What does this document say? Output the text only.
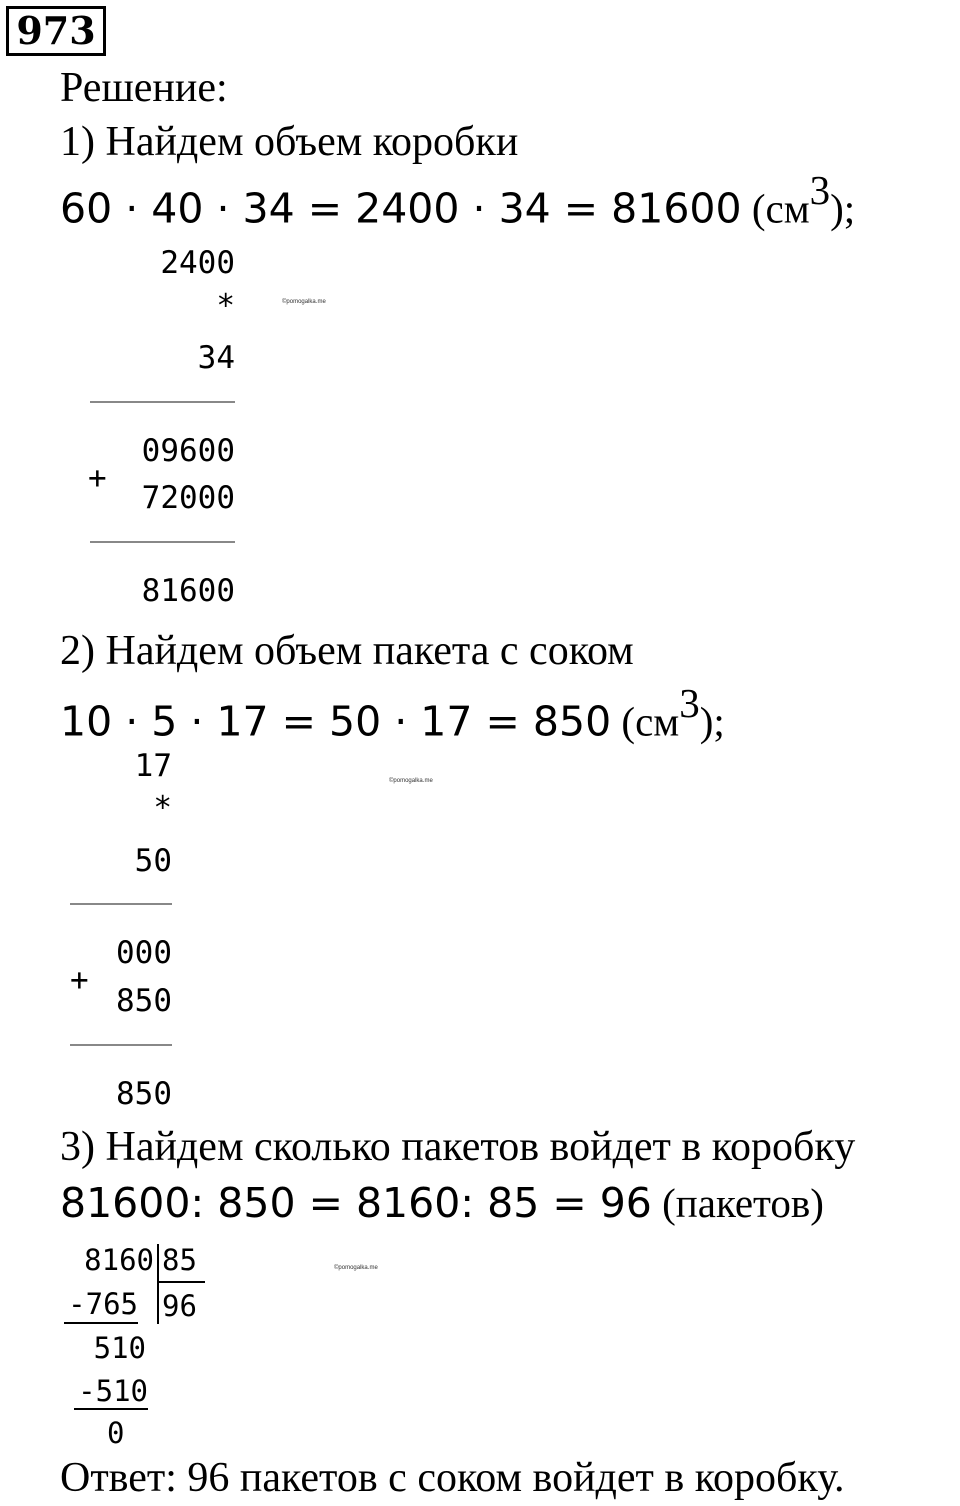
973
Решение:
1) Найдем объем коробки
60 · 40 · 34 = 2400 · 34 = 81600 $(см^3)$;
2400
*	©pomogalka.me
34
09600
+
72000
81600
2) Найдем объем пакета с соком
10 · 5 · 17 = 50 · 17 = 850 $(см^3)$;
17
*
©pomogalka.me
50
000
+
850
850
3) Найдем сколько пакетов войдет в коробку
81600: 850 = 8160: 85 = 96 (пакетов)
8160 85	©pomogalka.me
-765 96
510
-510
0
Ответ: 96 пакетов с соком войдет в коробку.
